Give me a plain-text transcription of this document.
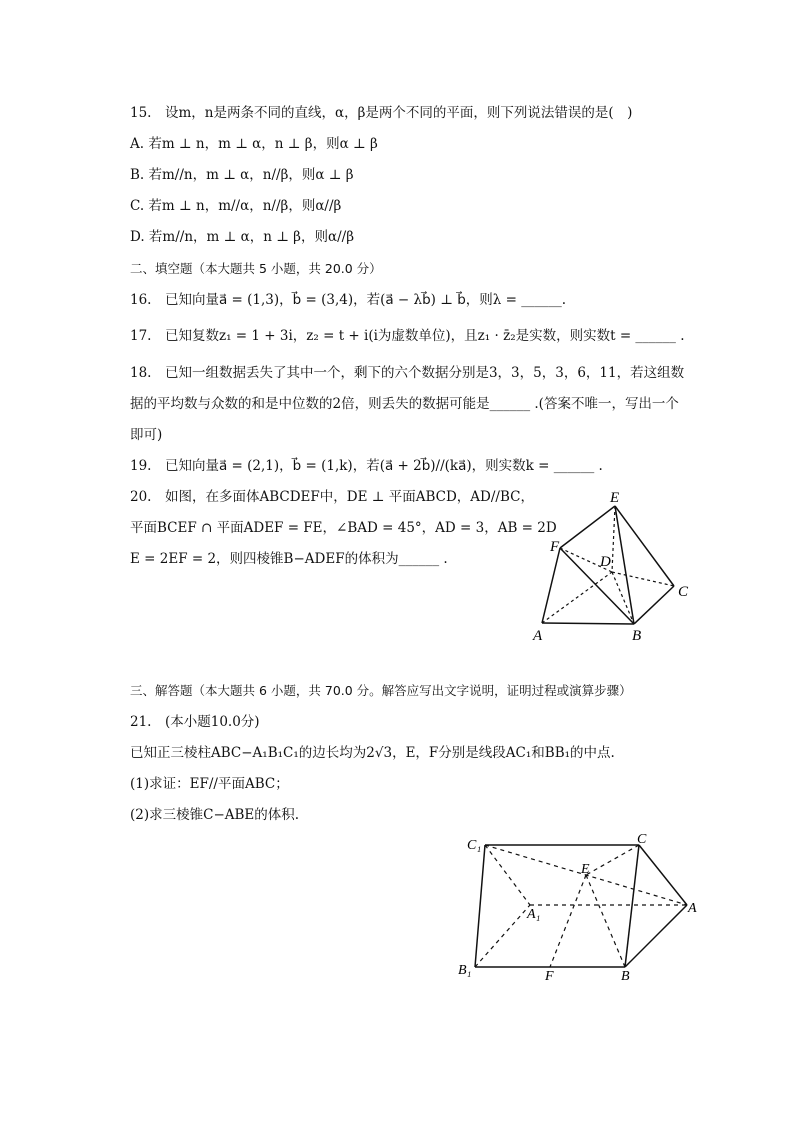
15.　设m，n是两条不同的直线，α，β是两个不同的平面，则下列说法错误的是(　)
A. 若m ⊥ n，m ⊥ α，n ⊥ β，则α ⊥ β
B. 若m//n，m ⊥ α，n//β，则α ⊥ β
C. 若m ⊥ n，m//α，n//β，则α//β
D. 若m//n，m ⊥ α，n ⊥ β，则α//β
二、填空题（本大题共 5 小题，共 20.0 分）
16.　已知向量a⃗ = (1,3)，b⃗ = (3,4)，若(a⃗ − λb⃗) ⊥ b⃗，则λ = ______.
17.　已知复数z₁ = 1 + 3i，z₂ = t + i(i为虚数单位)，且z₁ · z̄₂是实数，则实数t = ______ .
18.　已知一组数据丢失了其中一个，剩下的六个数据分别是3，3，5，3，6，11，若这组数
据的平均数与众数的和是中位数的2倍，则丢失的数据可能是______ .(答案不唯一，写出一个
即可)
19.　已知向量a⃗ = (2,1)，b⃗ = (1,k)，若(a⃗ + 2b⃗)//(ka⃗)，则实数k = ______ .
20.　如图，在多面体ABCDEF中，DE ⊥ 平面ABCD，AD//BC，
平面BCEF ∩ 平面ADEF = FE，∠BAD = 45°，AD = 3，AB = 2D
E = 2EF = 2，则四棱锥B−ADEF的体积为______ .
E
F
D
C
A	B
三、解答题（本大题共 6 小题，共 70.0 分。解答应写出文字说明，证明过程或演算步骤）
21.　(本小题10.0分)
已知正三棱柱ABC−A₁B₁C₁的边长均为2√3，E，F分别是线段AC₁和BB₁的中点.
(1)求证：EF//平面ABC；
(2)求三棱锥C−ABE的体积.
C₁	C
E
A₁	A
B₁	F	B
